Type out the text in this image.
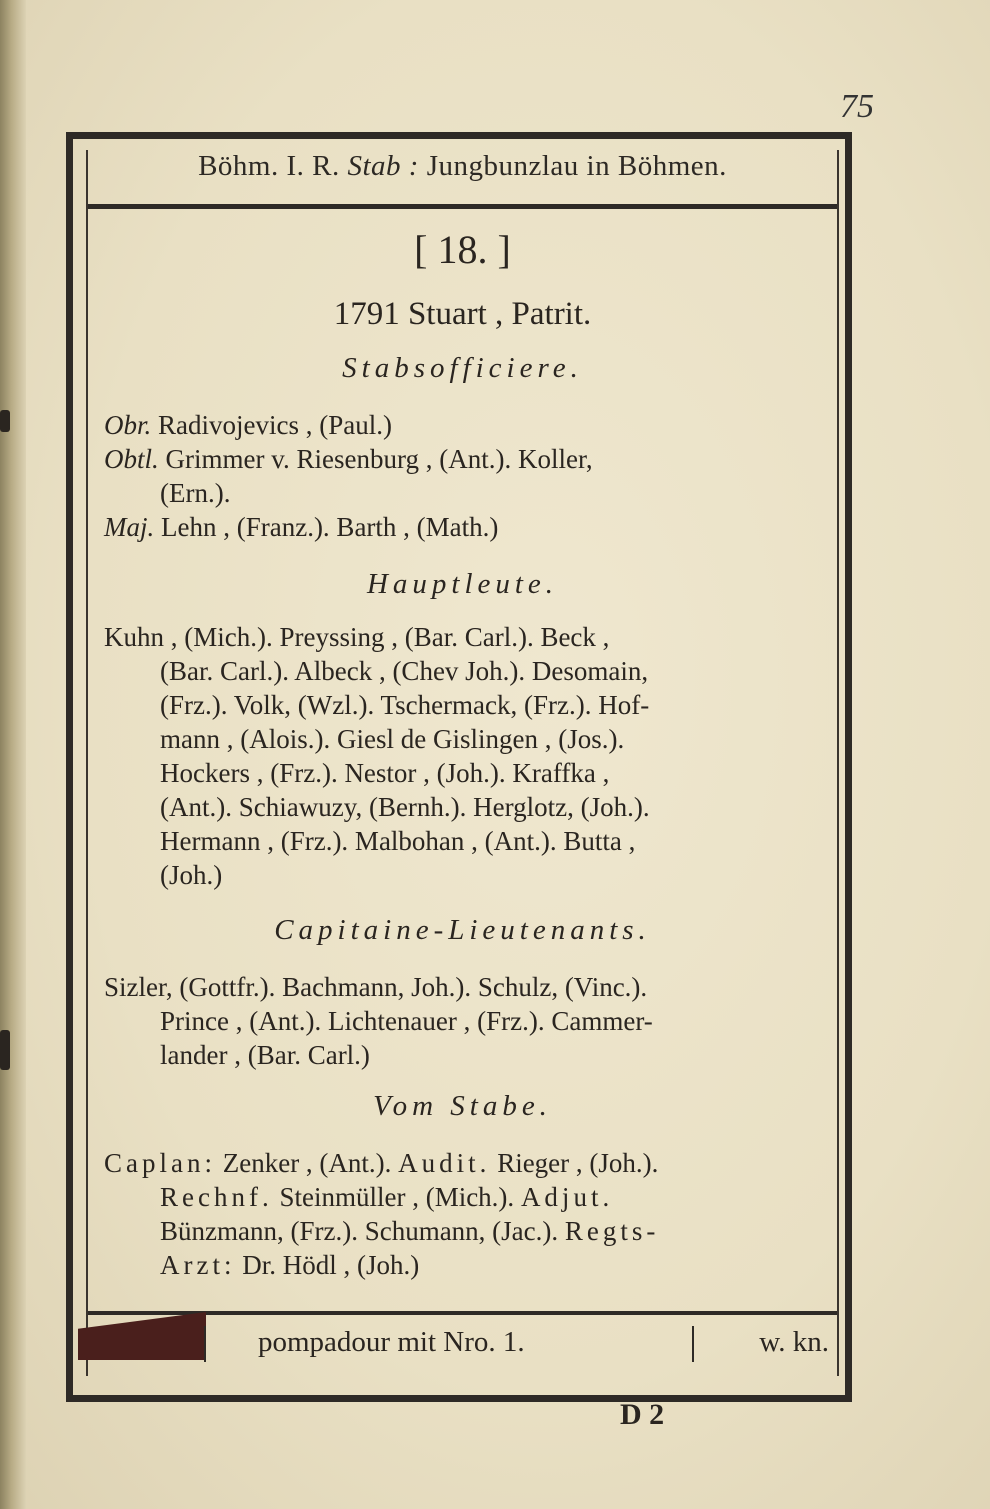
75
Böhm. I. R. Stab : Jungbunzlau in Böhmen.
[ 18. ]
1791 Stuart , Patrit.
Stabsofficiere.
Obr. Radivojevics , (Paul.)
Obtl. Grimmer v. Riesenburg , (Ant.). Koller,
(Ern.).
Maj. Lehn , (Franz.). Barth , (Math.)
Hauptleute.
Kuhn , (Mich.). Preyssing , (Bar. Carl.). Beck ,
(Bar. Carl.). Albeck , (Chev Joh.). Desomain,
(Frz.). Volk, (Wzl.). Tschermack, (Frz.). Hof-
mann , (Alois.). Giesl de Gislingen , (Jos.).
Hockers , (Frz.). Nestor , (Joh.). Kraffka ,
(Ant.). Schiawuzy, (Bernh.). Herglotz, (Joh.).
Hermann , (Frz.). Malbohan , (Ant.). Butta ,
(Joh.)
Capitaine-Lieutenants.
Sizler, (Gottfr.). Bachmann, Joh.). Schulz, (Vinc.).
Prince , (Ant.). Lichtenauer , (Frz.). Cammer-
lander , (Bar. Carl.)
Vom Stabe.
Caplan: Zenker , (Ant.). Audit. Rieger , (Joh.).
Rechnf. Steinmüller , (Mich.). Adjut.
Bünzmann, (Frz.). Schumann, (Jac.). Regts-
Arzt: Dr. Hödl , (Joh.)
pompadour mit Nro. 1.	w. kn.
D 2
